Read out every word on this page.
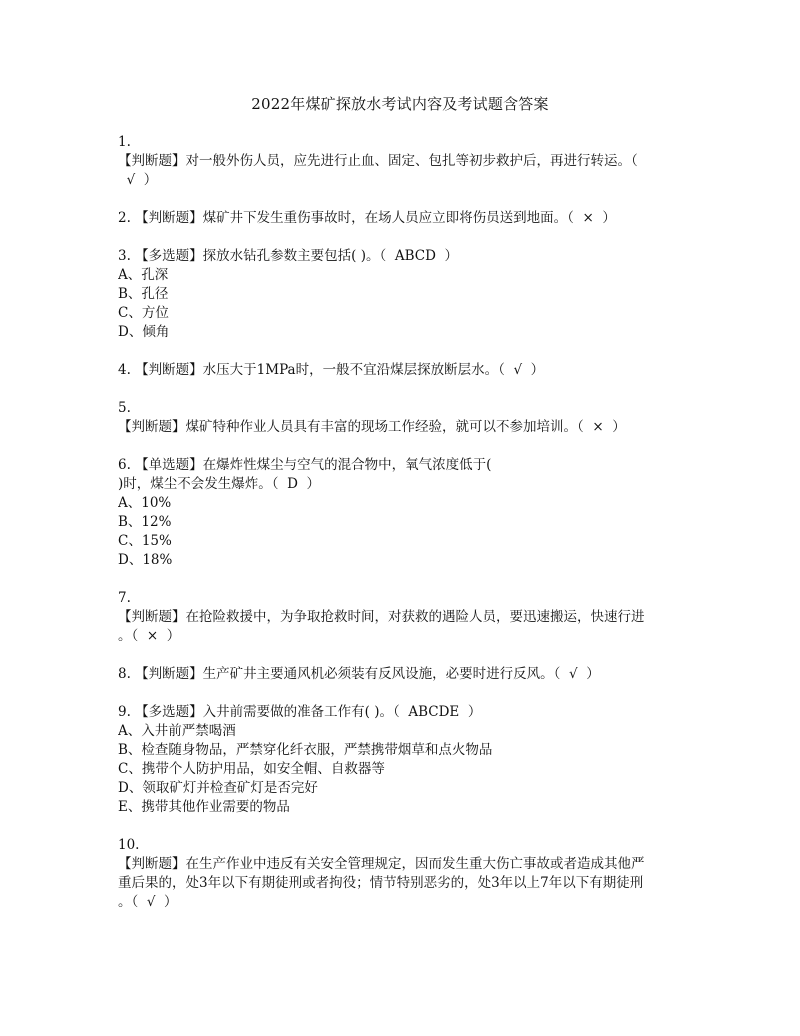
2022年煤矿探放水考试内容及考试题含答案
1.
【判断题】对一般外伤人员，应先进行止血、固定、包扎等初步救护后，再进行转运。（
√  ）
2. 【判断题】煤矿井下发生重伤事故时，在场人员应立即将伤员送到地面。（  ×  ）
3. 【多选题】探放水钻孔参数主要包括( )。（  ABCD  ）
A、孔深
B、孔径
C、方位
D、倾角
4. 【判断题】水压大于1MPa时，一般不宜沿煤层探放断层水。（  √  ）
5.
【判断题】煤矿特种作业人员具有丰富的现场工作经验，就可以不参加培训。（  ×  ）
6. 【单选题】在爆炸性煤尘与空气的混合物中，氧气浓度低于(
)时，煤尘不会发生爆炸。（  D  ）
A、10%
B、12%
C、15%
D、18%
7.
【判断题】在抢险救援中，为争取抢救时间，对获救的遇险人员，要迅速搬运，快速行进
。（  ×  ）
8. 【判断题】生产矿井主要通风机必须装有反风设施，必要时进行反风。（  √  ）
9. 【多选题】入井前需要做的准备工作有( )。（  ABCDE  ）
A、入井前严禁喝酒
B、检查随身物品，严禁穿化纤衣服，严禁携带烟草和点火物品
C、携带个人防护用品，如安全帽、自救器等
D、领取矿灯并检查矿灯是否完好
E、携带其他作业需要的物品
10.
【判断题】在生产作业中违反有关安全管理规定，因而发生重大伤亡事故或者造成其他严
重后果的，处3年以下有期徒刑或者拘役；情节特别恶劣的，处3年以上7年以下有期徒刑
。（  √  ）
